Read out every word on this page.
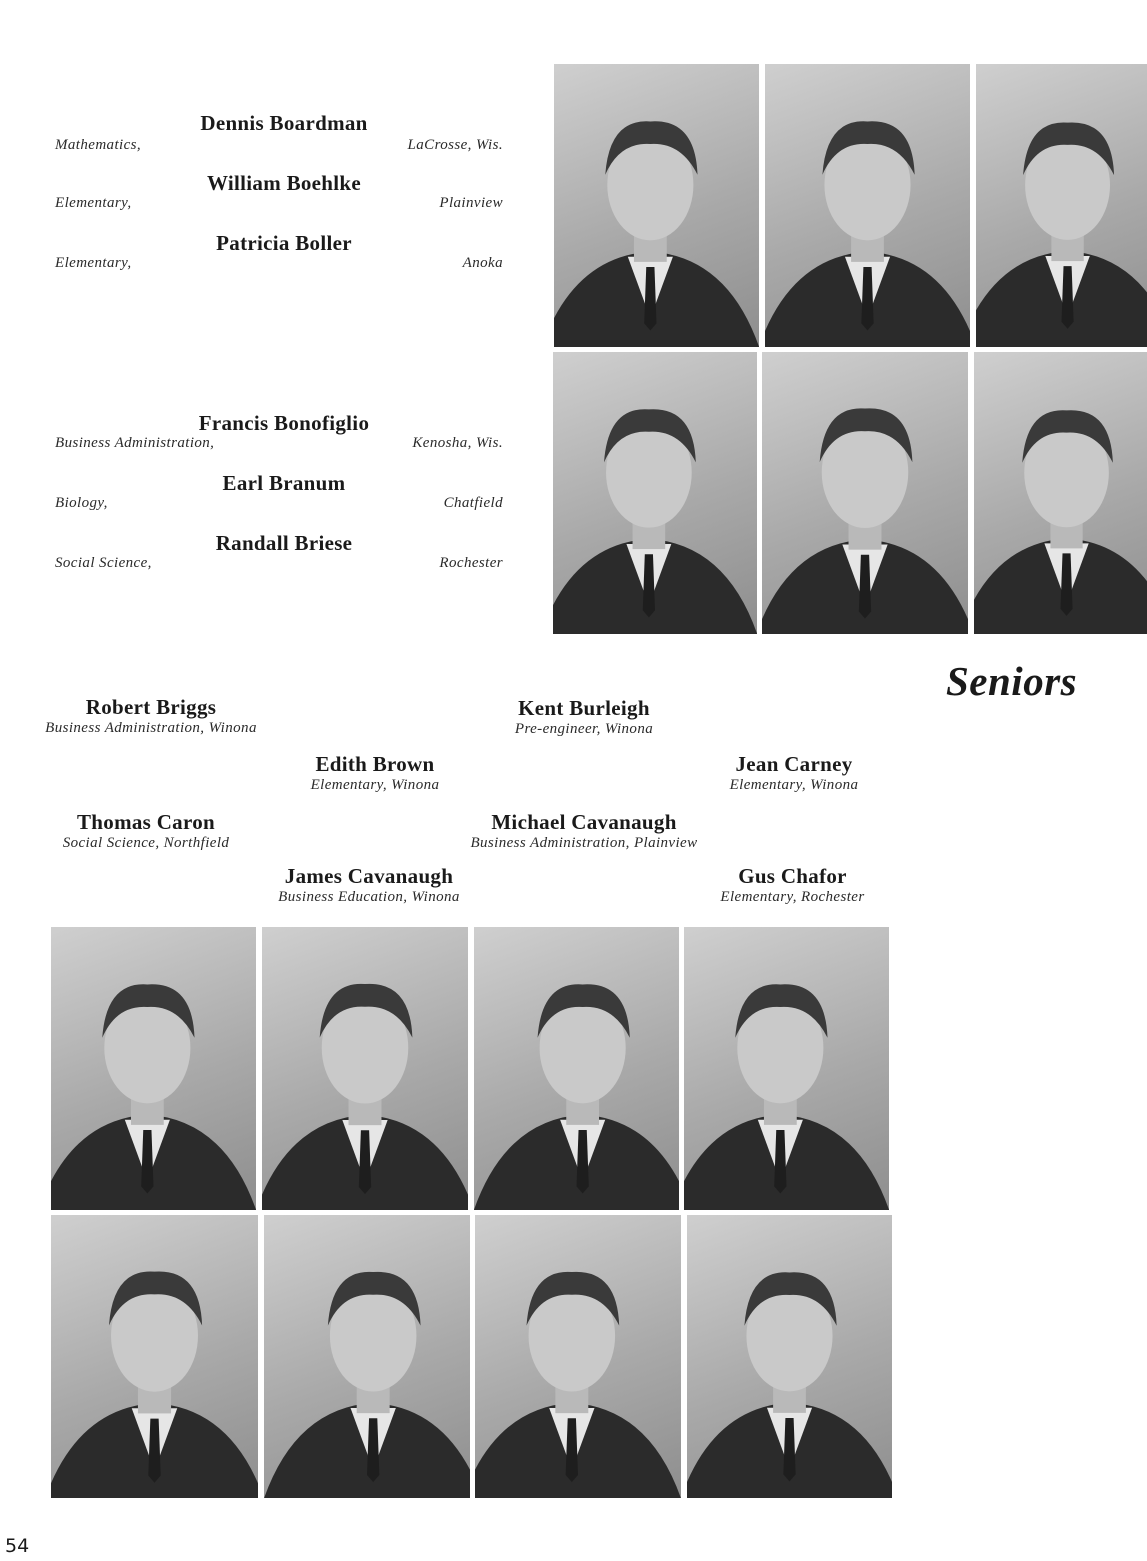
Dennis Boardman
Mathematics,	LaCrosse, Wis.
William Boehlke
Elementary,	Plainview
Patricia Boller
Elementary,	Anoka
Francis Bonofiglio
Business Administration,	Kenosha, Wis.
Earl Branum
Biology,	Chatfield
Randall Briese
Social Science,	Rochester
Seniors
Robert Briggs
Business Administration, Winona
Kent Burleigh
Pre-engineer, Winona
Edith Brown
Elementary, Winona
Jean Carney
Elementary, Winona
Thomas Caron
Social Science, Northfield
Michael Cavanaugh
Business Administration, Plainview
James Cavanaugh
Business Education, Winona
Gus Chafor
Elementary, Rochester
54
